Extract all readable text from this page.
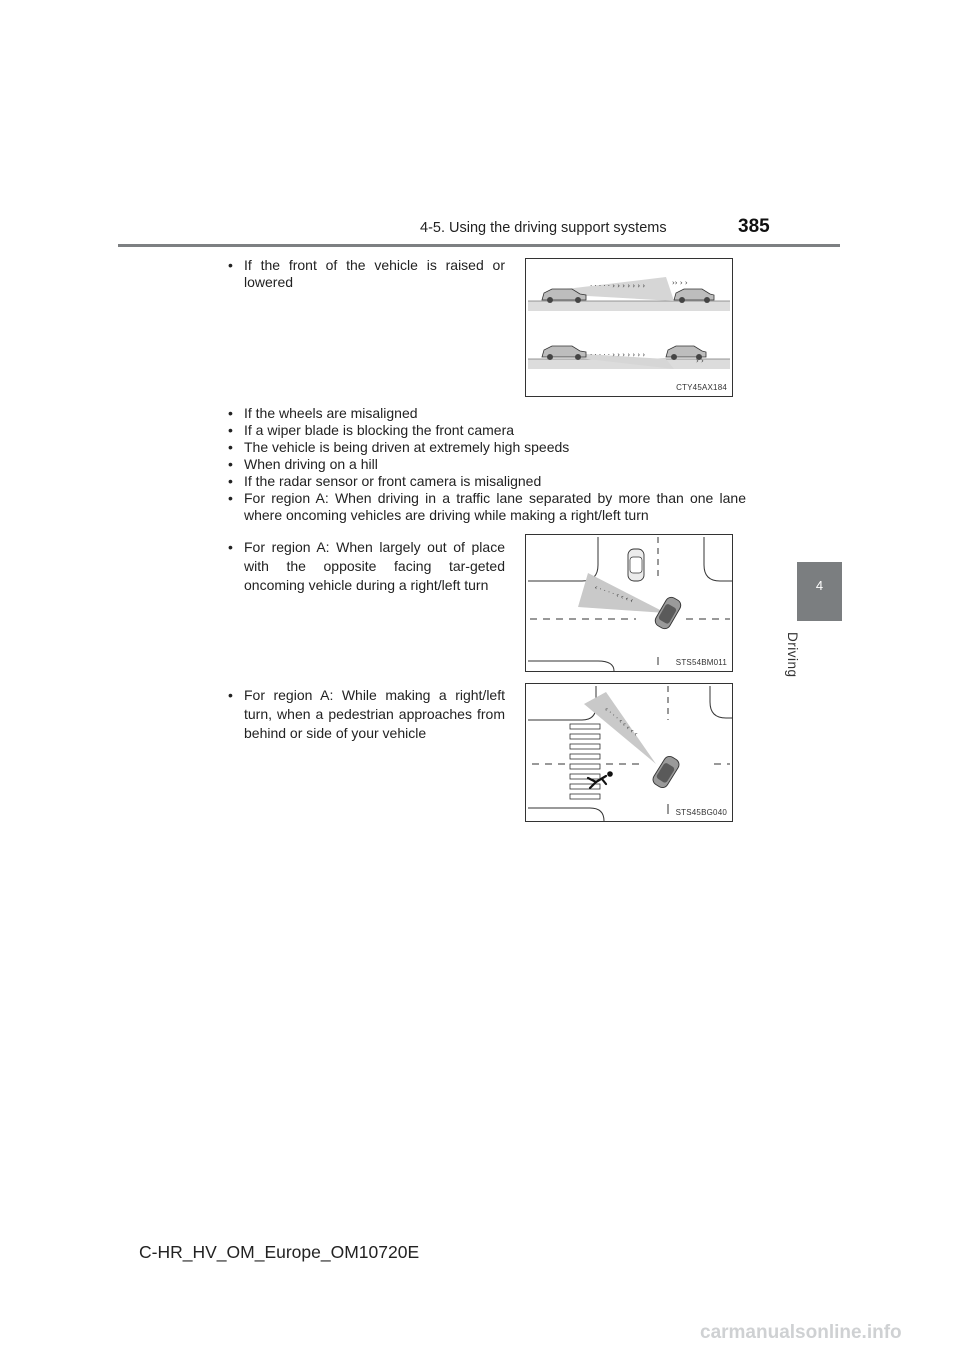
4-5. Using the driving support systems	385
4
Driving
• If the front of the vehicle is raised or lowered	· · · · · › › › › › › ›	›› › ›
· · · · · › › › › › › ›
› ›
CTY45AX184
• If the wheels are misaligned
• If a wiper blade is blocking the front camera
• The vehicle is being driven at extremely high speeds
• When driving on a hill
• If the radar sensor or front camera is misaligned
• For region A: When driving in a traffic lane separated by more than one lane where oncoming vehicles are driving while making a right/left turn
• For region A: When largely out of place with the opposite facing tar-geted oncoming vehicle during a right/left turn	‹ · · · · ‹ ‹ ‹ ‹
STS54BM011
• For region A: While making a right/left turn, when a pedestrian approaches from behind or side of your vehicle	‹ · · · ‹ ‹ ‹ ‹ ‹
STS45BG040
C-HR_HV_OM_Europe_OM10720E
carmanualsonline.info
